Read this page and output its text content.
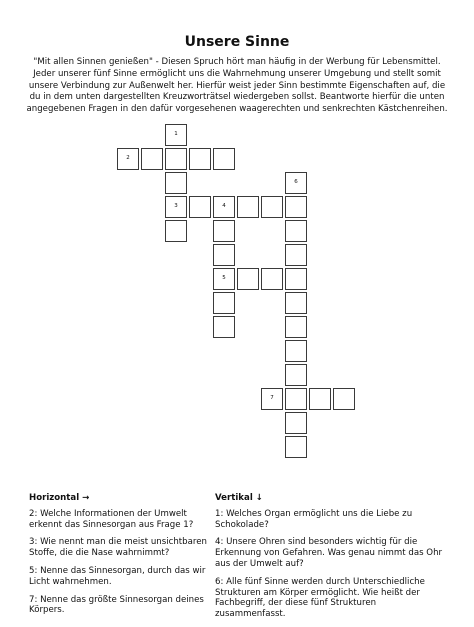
Unsere Sinne
"Mit allen Sinnen genießen" - Diesen Spruch hört man häufig in der Werbung für Lebensmittel. Jeder unserer fünf Sinne ermöglicht uns die Wahrnehmung unserer Umgebung und stellt somit unsere Verbindung zur Außenwelt her. Hierfür weist jeder Sinn bestimmte Eigenschaften auf, die du in dem unten dargestellten Kreuzworträtsel wiedergeben sollst. Beantworte hierfür die unten angegebenen Fragen in den dafür vorgesehenen waagerechten und senkrechten Kästchenreihen.
1
3
2
4
5
6
7
Horizontal →
2: Welche Informationen der Umwelt erkennt das Sinnesorgan aus Frage 1?
3: Wie nennt man die meist unsichtbaren Stoffe, die die Nase wahrnimmt?
5: Nenne das Sinnesorgan, durch das wir Licht wahrnehmen.
7: Nenne das größte Sinnesorgan deines Körpers.
Vertikal ↓
1: Welches Organ ermöglicht uns die Liebe zu Schokolade?
4: Unsere Ohren sind besonders wichtig für die Erkennung von Gefahren. Was genau nimmt das Ohr aus der Umwelt auf?
6: Alle fünf Sinne werden durch Unterschiedliche Strukturen am Körper ermöglicht. Wie heißt der Fachbegriff, der diese fünf Strukturen zusammenfasst.
